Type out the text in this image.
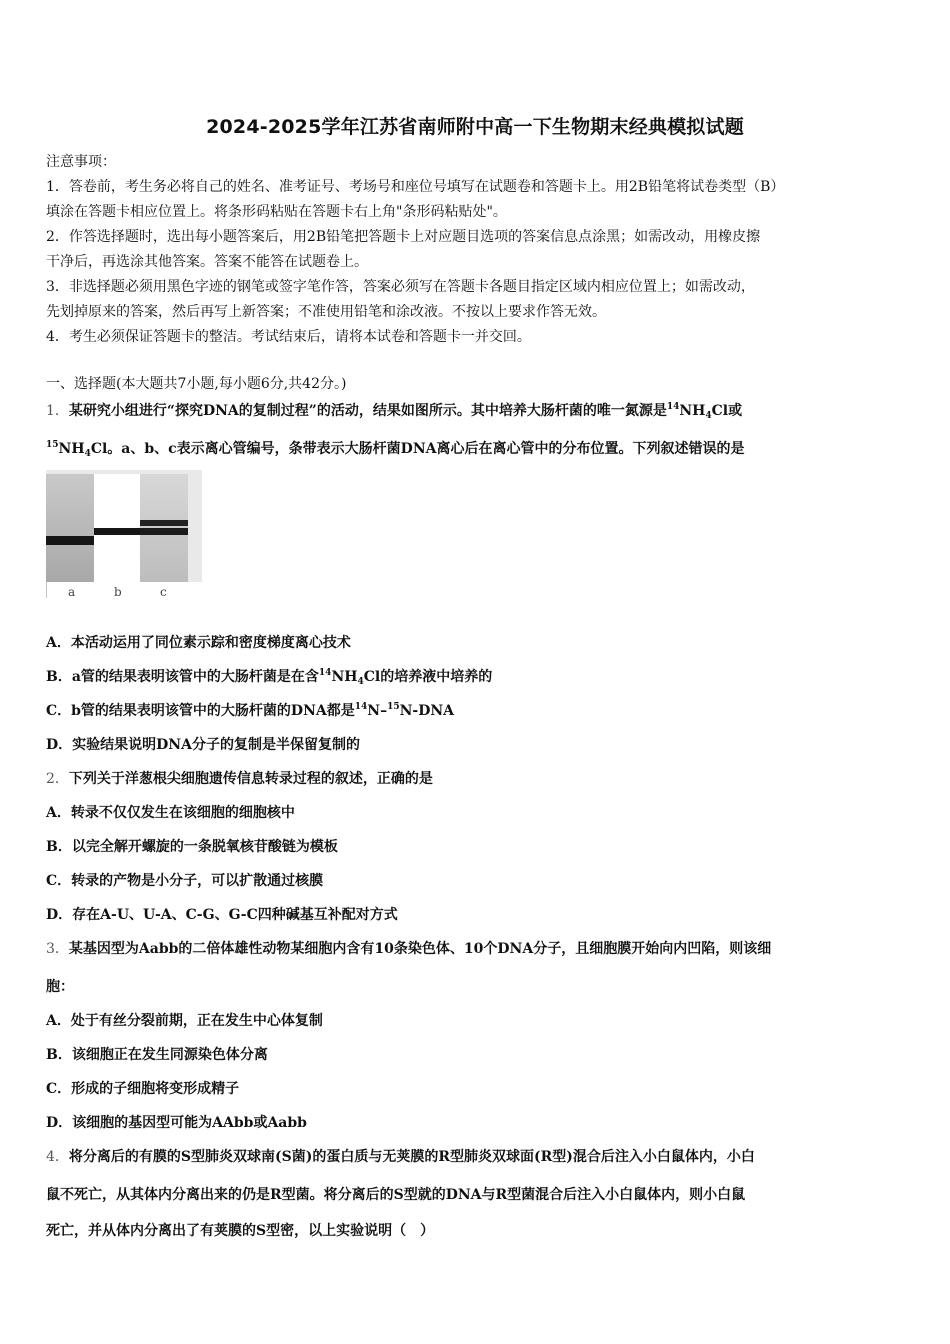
2024-2025学年江苏省南师附中高一下生物期末经典模拟试题

注意事项：

1．答卷前，考生务必将自己的姓名、准考证号、考场号和座位号填写在试题卷和答题卡上。用2B铅笔将试卷类型（B）

填涂在答题卡相应位置上。将条形码粘贴在答题卡右上角"条形码粘贴处"。

2．作答选择题时，选出每小题答案后，用2B铅笔把答题卡上对应题目选项的答案信息点涂黑；如需改动，用橡皮擦

干净后，再选涂其他答案。答案不能答在试题卷上。

3．非选择题必须用黑色字迹的钢笔或签字笔作答，答案必须写在答题卡各题目指定区域内相应位置上；如需改动，

先划掉原来的答案，然后再写上新答案；不准使用铅笔和涂改液。不按以上要求作答无效。

4．考生必须保证答题卡的整洁。考试结束后，请将本试卷和答题卡一并交回。

一、选择题(本大题共7小题,每小题6分,共42分。)
1．某研究小组进行“探究DNA的复制过程”的活动，结果如图所示。其中培养大肠杆菌的唯一氮源是$^{14}NH_4Cl$或
$^{15}NH_4Cl$。a、b、c表示离心管编号，条带表示大肠杆菌DNA离心后在离心管中的分布位置。下列叙述错误的是
a	b	c
A．本活动运用了同位素示踪和密度梯度离心技术
B．a管的结果表明该管中的大肠杆菌是在含$^{14}NH_4Cl$的培养液中培养的
C．b管的结果表明该管中的大肠杆菌的DNA都是$^{14}$N–$^{15}$N-DNA
D．实验结果说明DNA分子的复制是半保留复制的
2．下列关于洋葱根尖细胞遗传信息转录过程的叙述，正确的是
A．转录不仅仅发生在该细胞的细胞核中
B．以完全解开螺旋的一条脱氧核苷酸链为模板
C．转录的产物是小分子，可以扩散通过核膜
D．存在A-U、U-A、C-G、G-C四种碱基互补配对方式
3．某基因型为Aabb的二倍体雄性动物某细胞内含有10条染色体、10个DNA分子，且细胞膜开始向内凹陷，则该细
胞：
A．处于有丝分裂前期，正在发生中心体复制
B．该细胞正在发生同源染色体分离
C．形成的子细胞将变形成精子
D．该细胞的基因型可能为AAbb或Aabb
4．将分离后的有膜的S型肺炎双球南(S菌)的蛋白质与无荚膜的R型肺炎双球面(R型)混合后注入小白鼠体内，小白
鼠不死亡，从其体内分离出来的仍是R型菌。将分离后的S型就的DNA与R型菌混合后注入小白鼠体内，则小白鼠
死亡，并从体内分离出了有荚膜的S型密，以上实验说明（　）
